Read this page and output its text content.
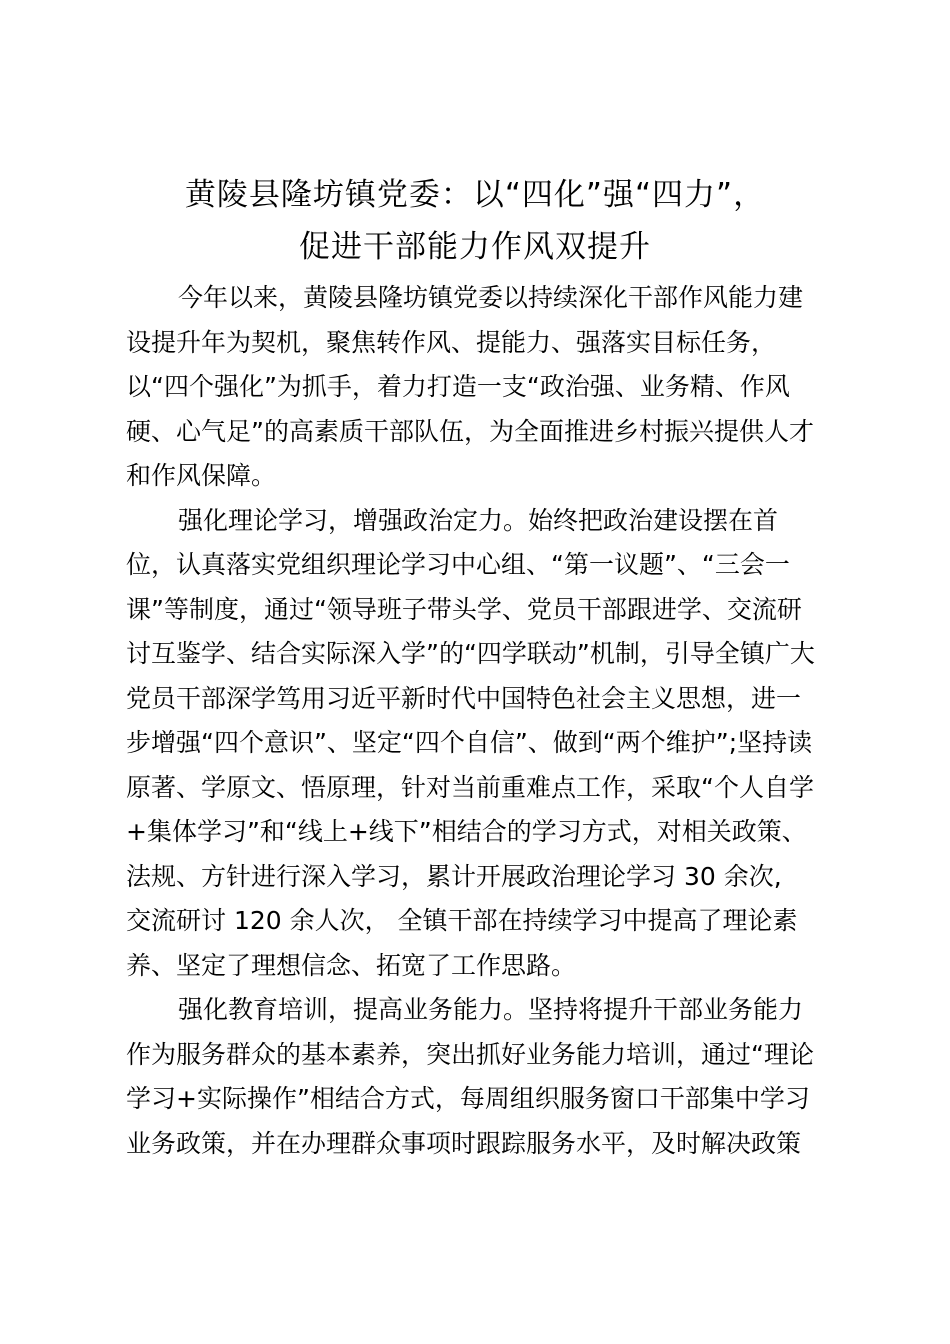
黄陵县隆坊镇党委：以“四化”强“四力”，
促进干部能力作风双提升

今年以来，黄陵县隆坊镇党委以持续深化干部作风能力建
设提升年为契机，聚焦转作风、提能力、强落实目标任务，
以“四个强化”为抓手，着力打造一支“政治强、业务精、作风
硬、心气足”的高素质干部队伍，为全面推进乡村振兴提供人才
和作风保障。

强化理论学习，增强政治定力。始终把政治建设摆在首
位，认真落实党组织理论学习中心组、“第一议题”、“三会一
课”等制度，通过“领导班子带头学、党员干部跟进学、交流研
讨互鉴学、结合实际深入学”的“四学联动”机制，引导全镇广大
党员干部深学笃用习近平新时代中国特色社会主义思想，进一
步增强“四个意识”、坚定“四个自信”、做到“两个维护”;坚持读
原著、学原文、悟原理，针对当前重难点工作，采取“个人自学
+集体学习”和“线上+线下”相结合的学习方式，对相关政策、
法规、方针进行深入学习，累计开展政治理论学习 30 余次,
交流研讨 120 余人次， 全镇干部在持续学习中提高了理论素
养、坚定了理想信念、拓宽了工作思路。

强化教育培训，提高业务能力。坚持将提升干部业务能力
作为服务群众的基本素养，突出抓好业务能力培训，通过“理论
学习+实际操作”相结合方式，每周组织服务窗口干部集中学习
业务政策，并在办理群众事项时跟踪服务水平，及时解决政策
